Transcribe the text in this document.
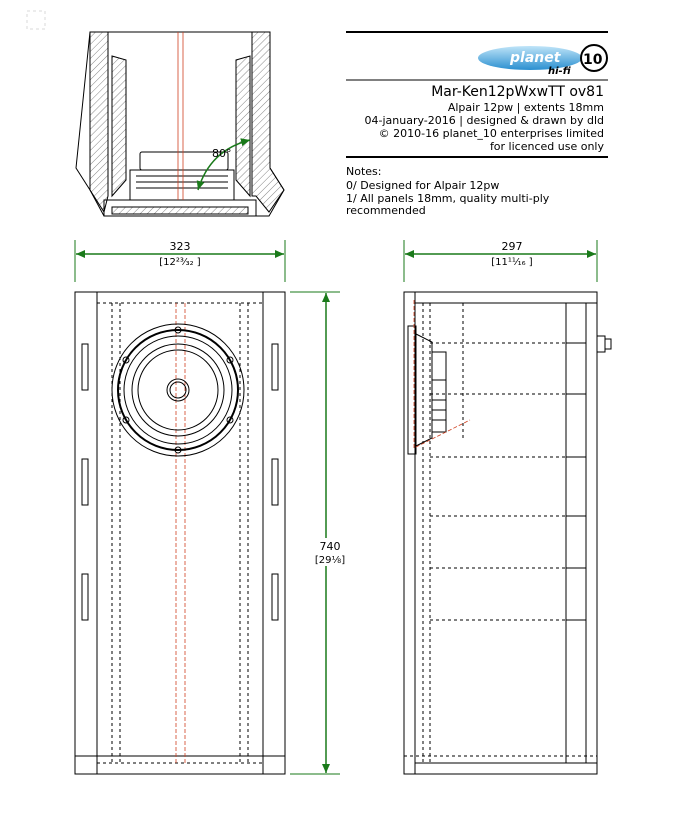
80°
planet 10
hi-fi
Mar-Ken12pWxwTT ov81
Alpair 12pw | extents 18mm
04-january-2016 | designed & drawn by dld
© 2010-16 planet_10 enterprises limited
for licenced use only
Notes:
0/ Designed for Alpair 12pw
1/ All panels 18mm, quality multi-ply
recommended
323
[12²³⁄₃₂ ]
740
[29⅛]
297
[11¹¹⁄₁₆ ]
